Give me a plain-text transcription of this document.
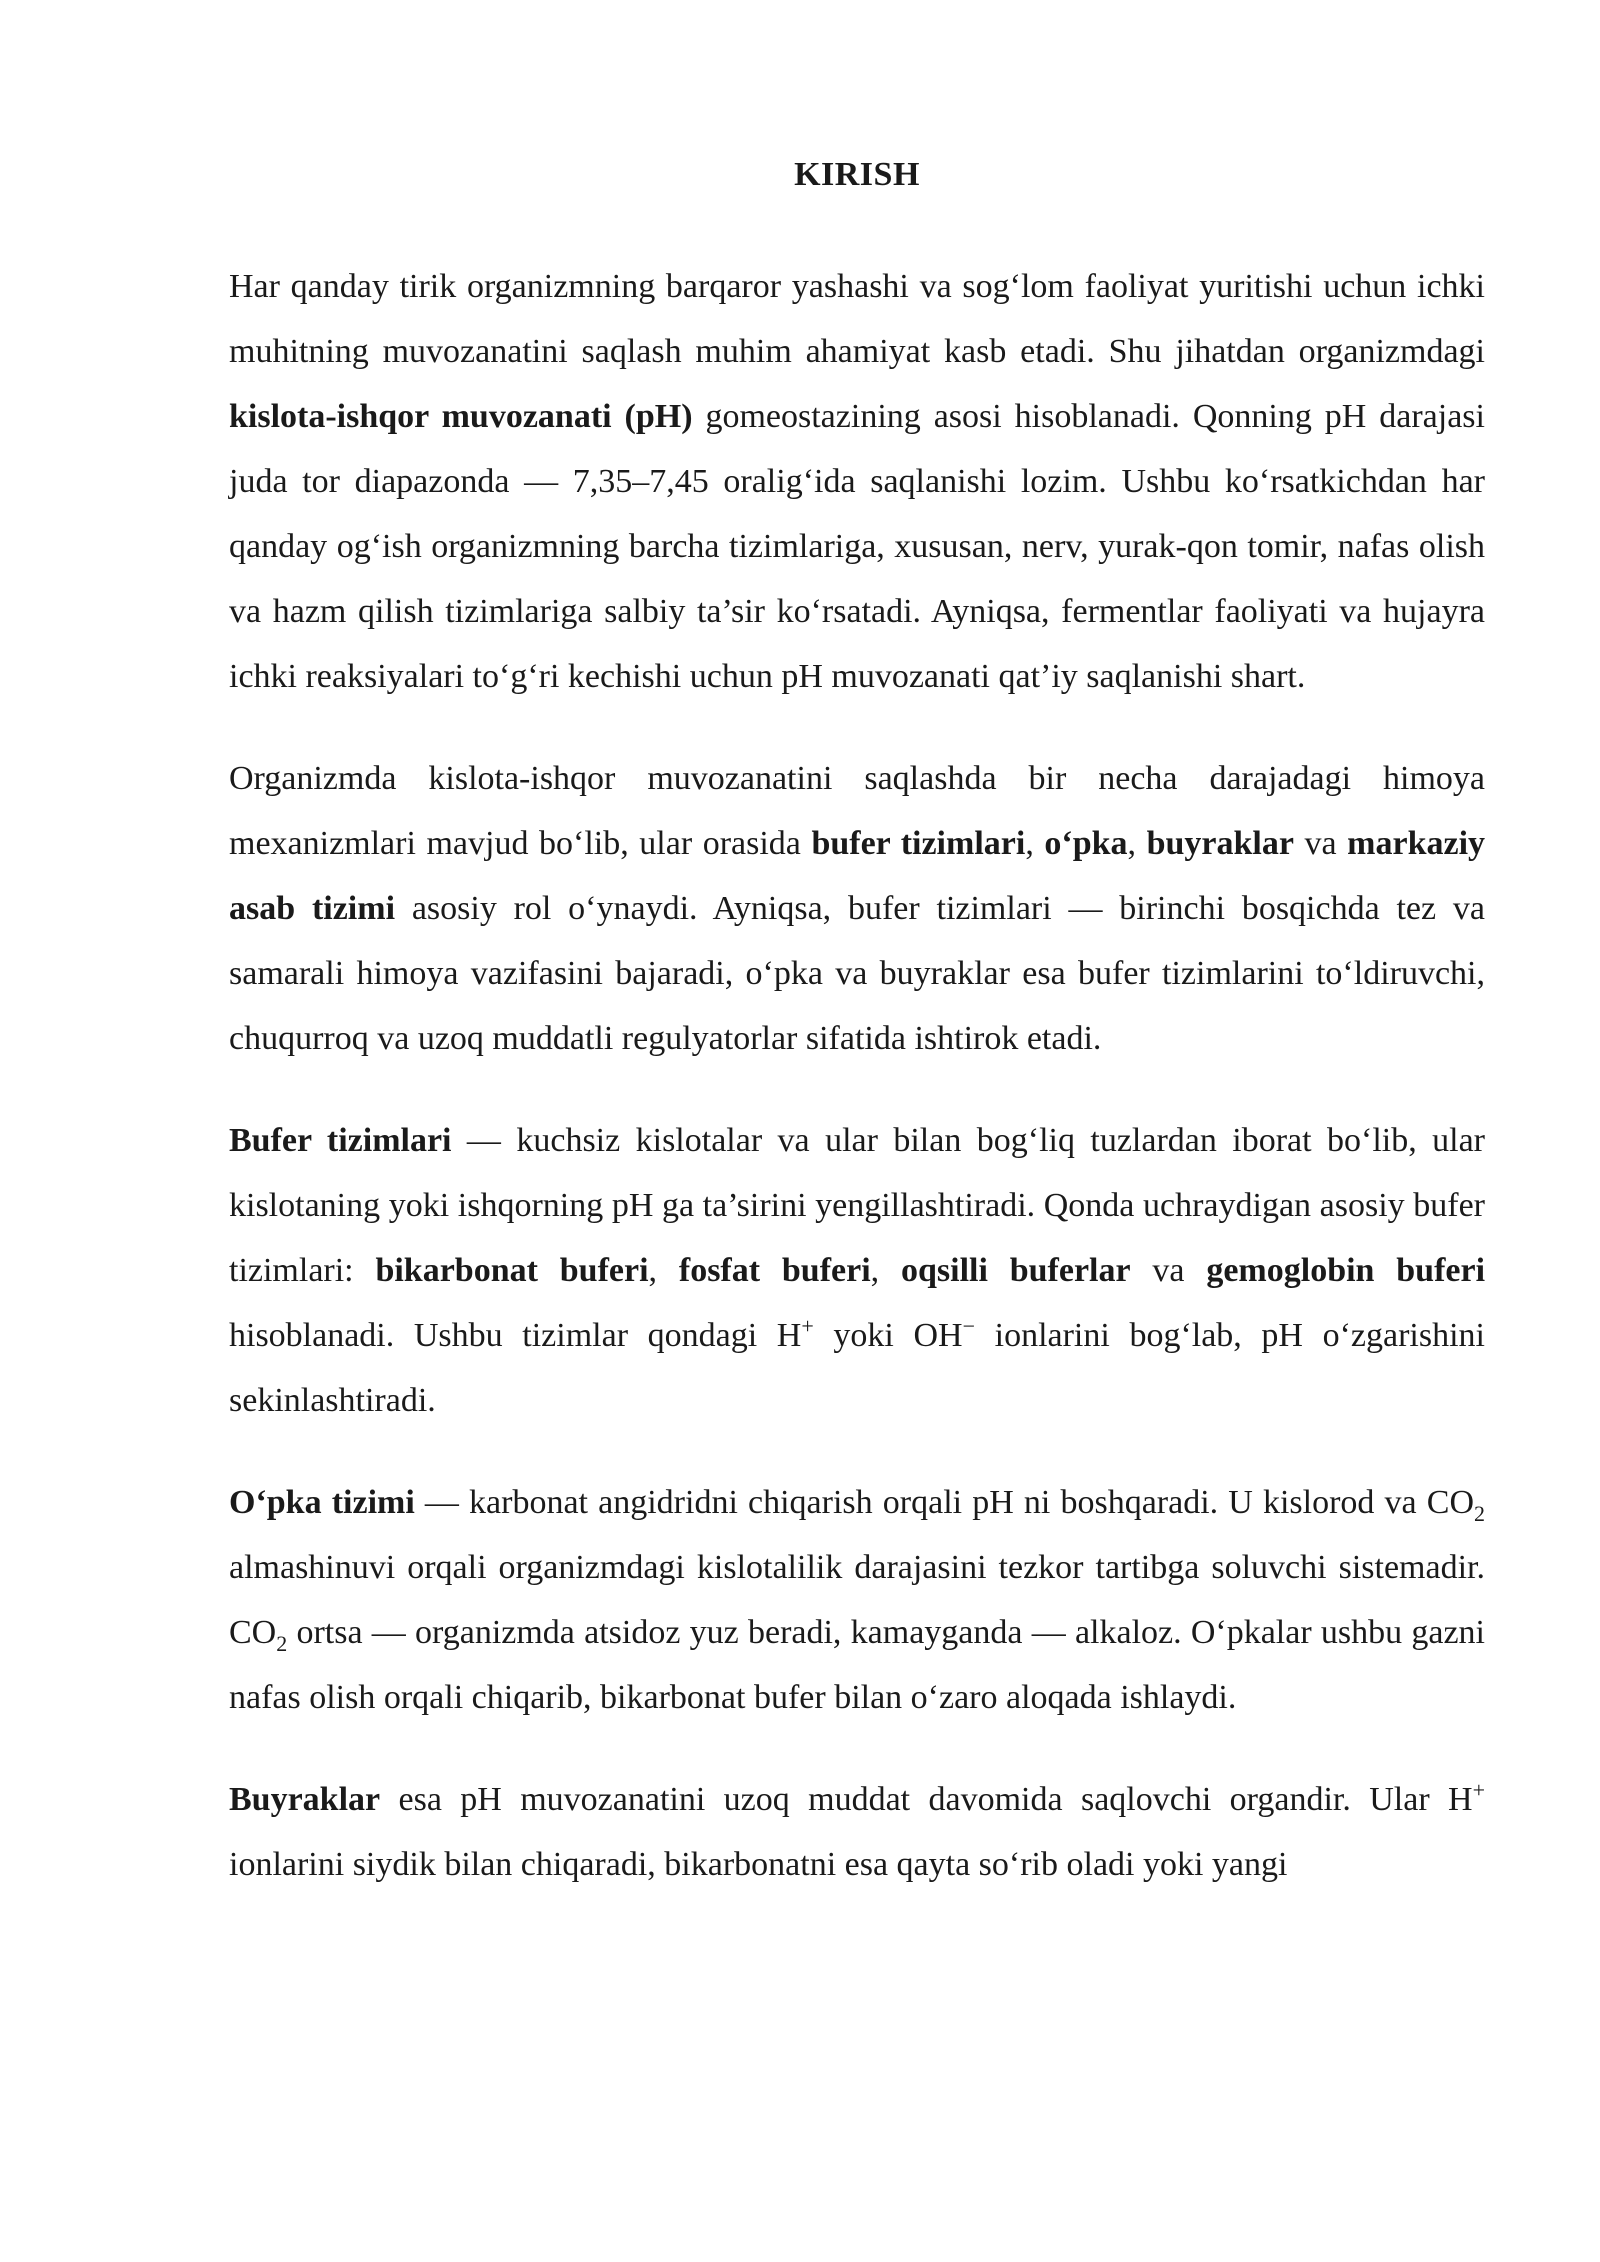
KIRISH

Har qanday tirik organizmning barqaror yashashi va sog‘lom faoliyat yuritishi uchun ichki muhitning muvozanatini saqlash muhim ahamiyat kasb etadi. Shu jihatdan organizmdagi kislota-ishqor muvozanati (pH) gomeostazining asosi hisoblanadi. Qonning pH darajasi juda tor diapazonda — 7,35–7,45 oralig‘ida saqlanishi lozim. Ushbu ko‘rsatkichdan har qanday og‘ish organizmning barcha tizimlariga, xususan, nerv, yurak-qon tomir, nafas olish va hazm qilish tizimlariga salbiy ta’sir ko‘rsatadi. Ayniqsa, fermentlar faoliyati va hujayra ichki reaksiyalari to‘g‘ri kechishi uchun pH muvozanati qat’iy saqlanishi shart.

Organizmda kislota-ishqor muvozanatini saqlashda bir necha darajadagi himoya mexanizmlari mavjud bo‘lib, ular orasida bufer tizimlari, o‘pka, buyraklar va markaziy asab tizimi asosiy rol o‘ynaydi. Ayniqsa, bufer tizimlari — birinchi bosqichda tez va samarali himoya vazifasini bajaradi, o‘pka va buyraklar esa bufer tizimlarini to‘ldiruvchi, chuqurroq va uzoq muddatli regulyatorlar sifatida ishtirok etadi.

Bufer tizimlari — kuchsiz kislotalar va ular bilan bog‘liq tuzlardan iborat bo‘lib, ular kislotaning yoki ishqorning pH ga ta’sirini yengillashtiradi. Qonda uchraydigan asosiy bufer tizimlari: bikarbonat buferi, fosfat buferi, oqsilli buferlar va gemoglobin buferi hisoblanadi. Ushbu tizimlar qondagi H+ yoki OH− ionlarini bog‘lab, pH o‘zgarishini sekinlashtiradi.

O‘pka tizimi — karbonat angidridni chiqarish orqali pH ni boshqaradi. U kislorod va $CO_2$ almashinuvi orqali organizmdagi kislotalilik darajasini tezkor tartibga soluvchi sistemadir. $CO_2$ ortsa — organizmda atsidoz yuz beradi, kamayganda — alkaloz. O‘pkalar ushbu gazni nafas olish orqali chiqarib, bikarbonat bufer bilan o‘zaro aloqada ishlaydi.

Buyraklar esa pH muvozanatini uzoq muddat davomida saqlovchi organdir. Ular H+ ionlarini siydik bilan chiqaradi, bikarbonatni esa qayta so‘rib oladi yoki yangi
